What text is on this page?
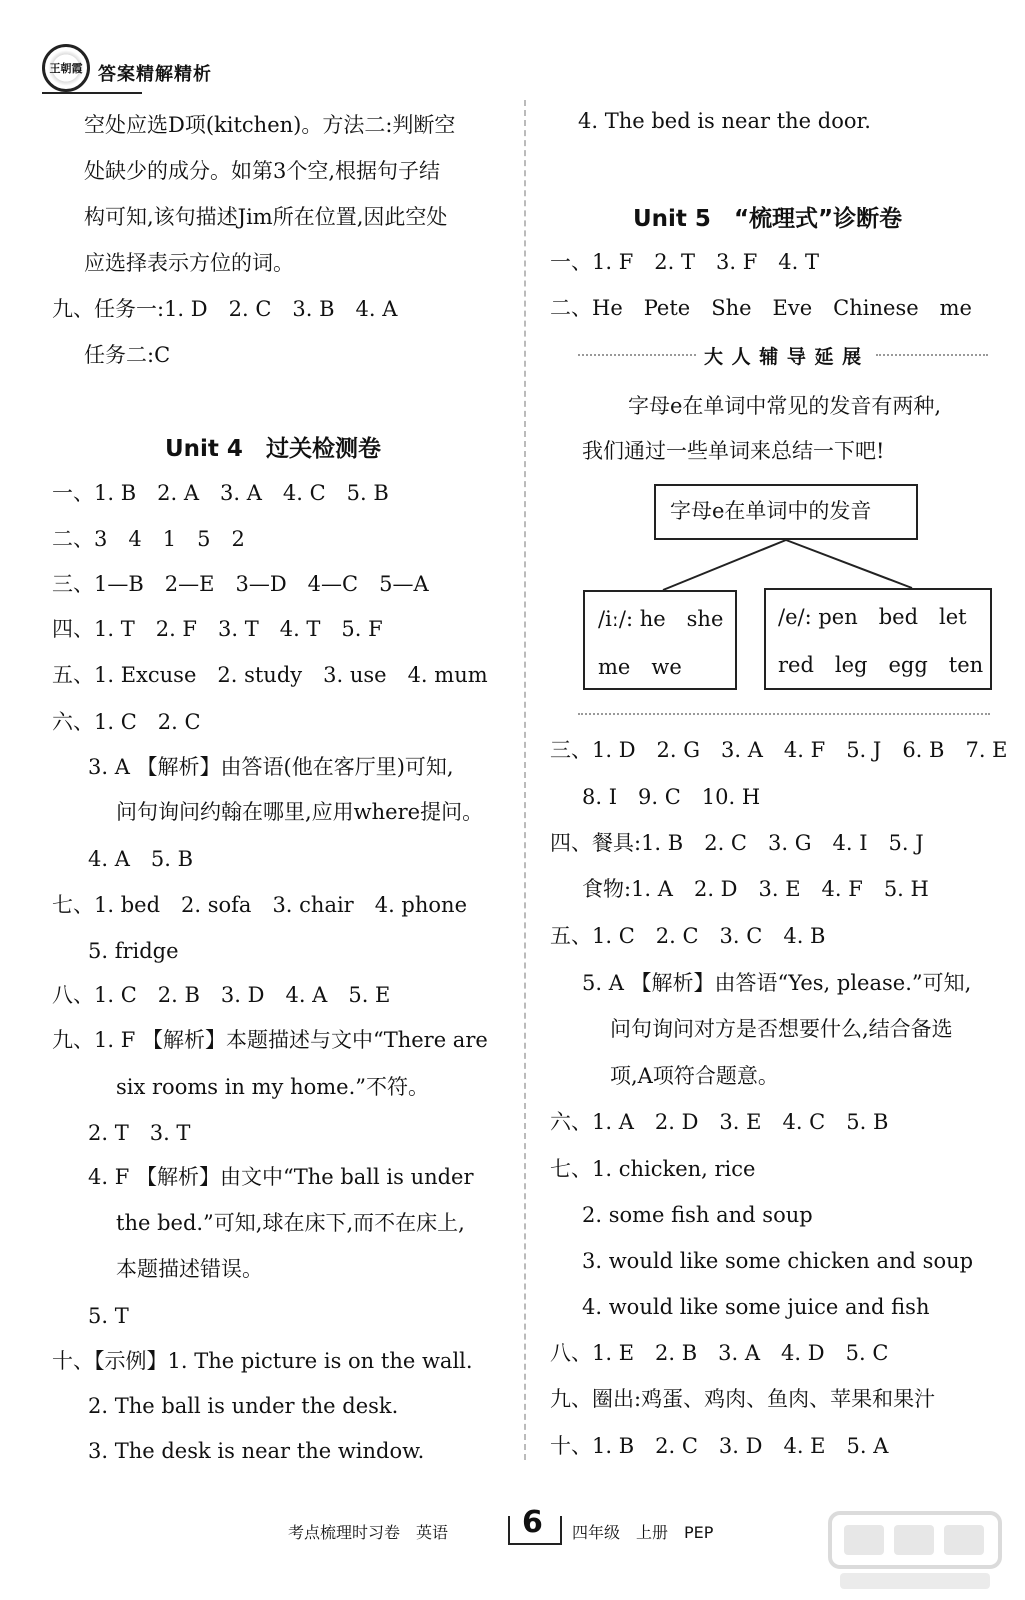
王朝霞 答案精解精析
空处应选D项(kitchen)。方法二:判断空
处缺少的成分。如第3个空,根据句子结
构可知,该句描述Jim所在位置,因此空处
应选择表示方位的词。
九、任务一:1. D　2. C　3. B　4. A
任务二:C
Unit 4　过关检测卷
一、1. B　2. A　3. A　4. C　5. B
二、3　4　1　5　2
三、1—B　2—E　3—D　4—C　5—A
四、1. T　2. F　3. T　4. T　5. F
五、1. Excuse　2. study　3. use　4. mum
六、1. C　2. C
3. A 【解析】由答语(他在客厅里)可知,
问句询问约翰在哪里,应用where提问。
4. A　5. B
七、1. bed　2. sofa　3. chair　4. phone
5. fridge
八、1. C　2. B　3. D　4. A　5. E
九、1. F 【解析】本题描述与文中“There are
six rooms in my home.”不符。
2. T　3. T
4. F 【解析】由文中“The ball is under
the bed.”可知,球在床下,而不在床上,
本题描述错误。
5. T
十、【示例】1. The picture is on the wall.
2. The ball is under the desk.
3. The desk is near the window.
4. The bed is near the door.
Unit 5　“梳理式”诊断卷
一、1. F　2. T　3. F　4. T
二、He　Pete　She　Eve　Chinese　me
大 人 辅 导 延 展
字母e在单词中常见的发音有两种,
我们通过一些单词来总结一下吧!
字母e在单词中的发音
/iː/: he　she
me　we
/e/: pen　bed　let
red　leg　egg　ten
三、1. D　2. G　3. A　4. F　5. J　6. B　7. E
8. I　9. C　10. H
四、餐具:1. B　2. C　3. G　4. I　5. J
食物:1. A　2. D　3. E　4. F　5. H
五、1. C　2. C　3. C　4. B
5. A 【解析】由答语“Yes, please.”可知,
问句询问对方是否想要什么,结合备选
项,A项符合题意。
六、1. A　2. D　3. E　4. C　5. B
七、1. chicken, rice
2. some fish and soup
3. would like some chicken and soup
4. would like some juice and fish
八、1. E　2. B　3. A　4. D　5. C
九、圈出:鸡蛋、鸡肉、鱼肉、苹果和果汁
十、1. B　2. C　3. D　4. E　5. A
考点梳理时习卷　英语 6 四年级　上册　PEP
